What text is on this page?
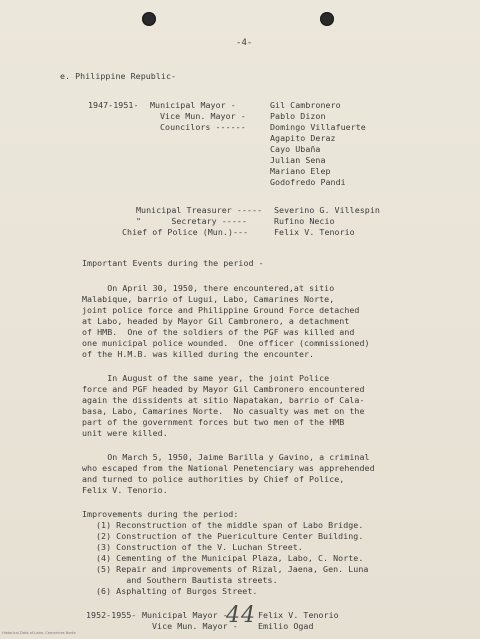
-4-
e. Philippine Republic-
1947-1951- Municipal Mayor -	Gil Cambronero
Vice Mun. Mayor -	Pablo Dizon
Councilors ------	Domingo Villafuerte
Agapito Deraz
Cayo Ubaña
Julian Sena
Mariano Elep
Godofredo Pandi
Municipal Treasurer ----- Severino G. Villespin
"      Secretary -----	Rufino Necio
Chief of Police (Mun.)---	Felix V. Tenorio
Important Events during the period -
On April 30, 1950, there encountered,at sitio
Malabique, barrio of Lugui, Labo, Camarines Norte,
joint police force and Philippine Ground Force detached
at Labo, headed by Mayor Gil Cambronero, a detachment
of HMB.  One of the soldiers of the PGF was killed and
one municipal police wounded.  One officer (commissioned)
of the H.M.B. was killed during the encounter.
In August of the same year, the joint Police
force and PGF headed by Mayor Gil Cambronero encountered
again the dissidents at sitio Napatakan, barrio of Cala-
basa, Labo, Camarines Norte.  No casualty was met on the
part of the government forces but two men of the HMB
unit were killed.
On March 5, 1950, Jaime Barilla y Gavino, a criminal
who escaped from the National Penetenciary was apprehended
and turned to police authorities by Chief of Police,
Felix V. Tenorio.
Improvements during the period:
(1) Reconstruction of the middle span of Labo Bridge.
(2) Construction of the Puericulture Center Building.
(3) Construction of the V. Luchan Street.
(4) Cementing of the Municipal Plaza, Labo, C. Norte.
(5) Repair and improvements of Rizal, Jaena, Gen. Luna
and Southern Bautista streets.
(6) Asphalting of Burgos Street.
1952-1955- Municipal Mayor -	Felix V. Tenorio
Vice Mun. Mayor - Emilio Ogad
44
Historical Data of Labo, Camarines Norte
